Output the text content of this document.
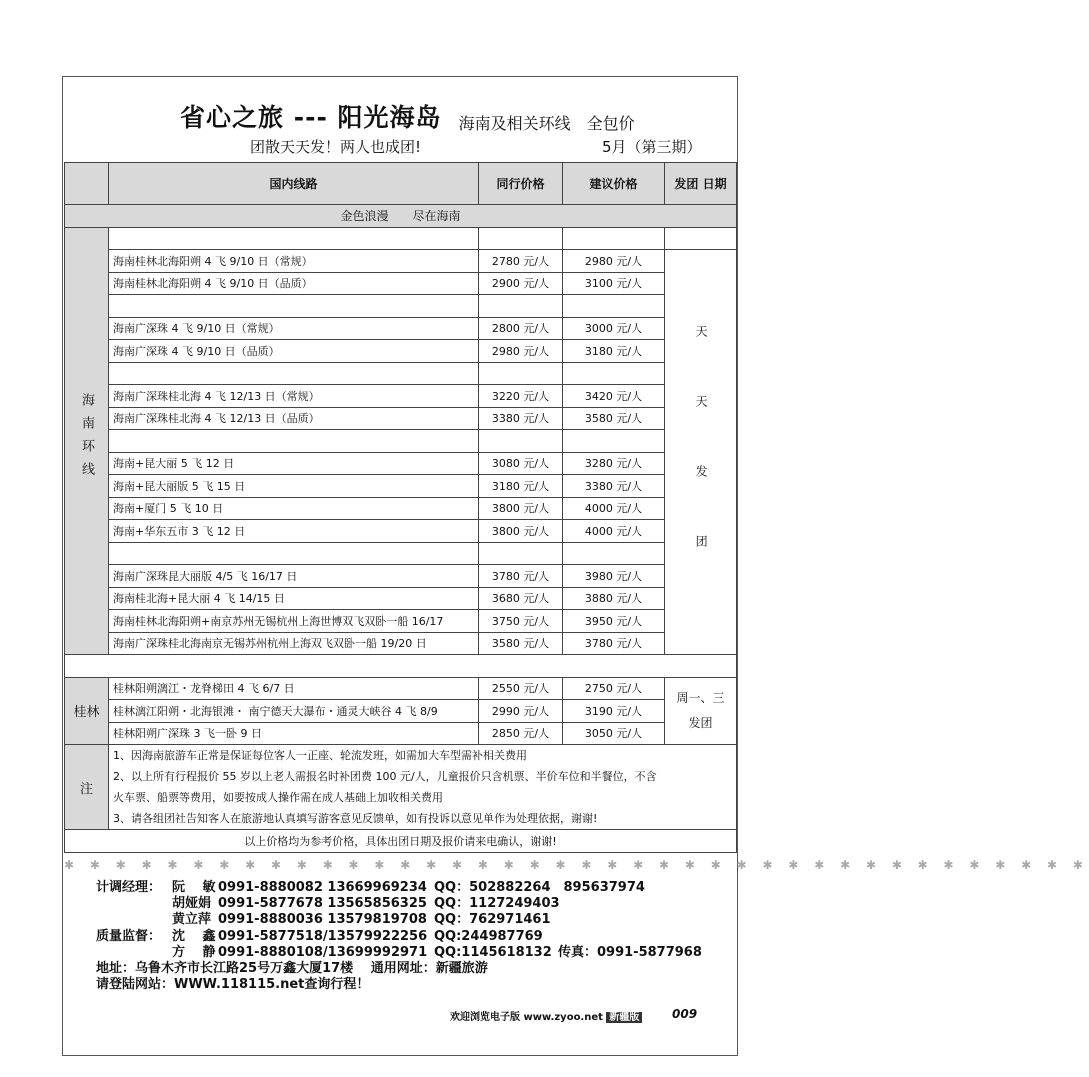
省心之旅 --- 阳光海岛 海南及相关环线　全包价
团散天天发！两人也成团!	5月（第三期）
	国内线路	同行价格	建议价格	发团 日期
金色浪漫　　尽在海南				
海南环线				
	海南桂林北海阳朔 4 飞 9/10 日（常规）	2780 元/人	2980 元/人	天 天 发 团
	海南桂林北海阳朔 4 飞 9/10 日（品质）	2900 元/人	3100 元/人	

	海南广深珠 4 飞 9/10 日（常规）	2800 元/人	3000 元/人	
	海南广深珠 4 飞 9/10 日（品质）	2980 元/人	3180 元/人	

	海南广深珠桂北海 4 飞 12/13 日（常规）	3220 元/人	3420 元/人	
	海南广深珠桂北海 4 飞 12/13 日（品质）	3380 元/人	3580 元/人	

	海南+昆大丽 5 飞 12 日	3080 元/人	3280 元/人	
	海南+昆大丽版 5 飞 15 日	3180 元/人	3380 元/人	
	海南+厦门 5 飞 10 日	3800 元/人	4000 元/人	
	海南+华东五市 3 飞 12 日	3800 元/人	4000 元/人	

	海南广深珠昆大丽版 4/5 飞 16/17 日	3780 元/人	3980 元/人	
	海南桂北海+昆大丽 4 飞 14/15 日	3680 元/人	3880 元/人	
	海南桂林北海阳朔+南京苏州无锡杭州上海世博双飞双卧一船 16/17	3750 元/人	3950 元/人	
	海南广深珠桂北海南京无锡苏州杭州上海双飞双卧一船 19/20 日	3580 元/人	3780 元/人	

桂林	桂林阳朔漓江・龙脊梯田 4 飞 6/7 日	2550 元/人	2750 元/人	周一、三 发团
	桂林漓江阳朔・北海银滩・ 南宁德天大瀑布・通灵大峡谷 4 飞 8/9	2990 元/人	3190 元/人	
	桂林阳朔广深珠 3 飞一卧 9 日	2850 元/人	3050 元/人	
注	1、因海南旅游车正常是保证每位客人一正座、轮流发班，如需加大车型需补相关费用
2、以上所有行程报价 55 岁以上老人需报名时补团费 100 元/人，儿童报价只含机票、半价车位和半餐位，不含
火车票、船票等费用，如要按成人操作需在成人基础上加收相关费用
3、请各组团社告知客人在旅游地认真填写游客意见反馈单，如有投诉以意见单作为处理依据，谢谢!			

以上价格均为参考价格，具体出团日期及报价请来电确认，谢谢!				
✱ ✱ ✱ ✱ ✱ ✱ ✱ ✱ ✱ ✱ ✱ ✱ ✱ ✱ ✱ ✱ ✱ ✱ ✱ ✱ ✱ ✱ ✱ ✱ ✱ ✱ ✱ ✱ ✱ ✱ ✱ ✱ ✱ ✱ ✱ ✱ ✱ ✱ ✱ ✱
计调经理： 阮　 敏 0991-8880082 13669969234 QQ：502882264　895637974
胡娅娟 0991-5877678 13565856325 QQ：1127249403
黄立萍 0991-8880036 13579819708 QQ：762971461
质量监督： 沈　 鑫 0991-5877518/13579922256 QQ:244987769
方　 静 0991-8880108/13699992971 QQ:1145618132 传真：0991-5877968
地址：乌鲁木齐市长江路25号万鑫大厦17楼　 通用网址：新疆旅游
请登陆网站：WWW.118115.net查询行程！
欢迎浏览电子版 www.zyoo.net 新疆版	009
